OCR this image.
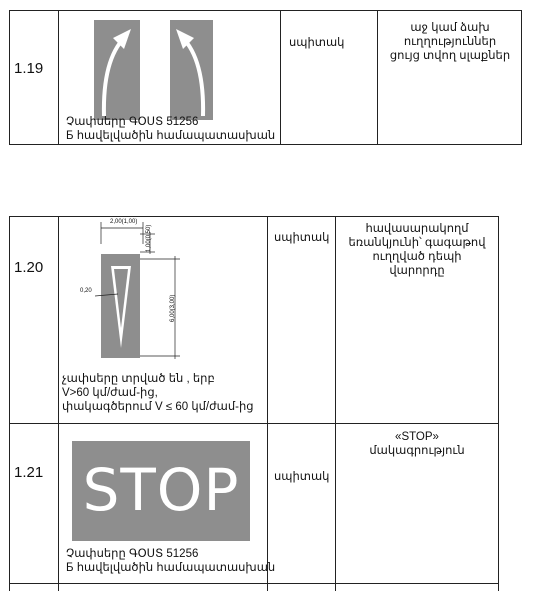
1.19
Չափսերը ԳՕՍՏ 51256
Б հավելվածին համապատասխան
սպիտակ
աջ կամ ձախ
ուղղություններ
ցույց տվող սլաքներ
1.20
2,00(1,00)
1,00(0,50)
0,20
6,00(3,00)
չափսերը տրված են , երբ
V>60 կմ/ժամ-ից,
փակագծերում V ≤ 60 կմ/ժամ-ից
սպիտակ
հավասարակողմ
եռանկյունի՝ գագաթով
ուղղված դեպի
վարորդը
1.21 STOP
Չափսերը ԳՕՍՏ 51256
Б հավելվածին համապատասխան
սպիտակ
«STOP»
մակագրություն
